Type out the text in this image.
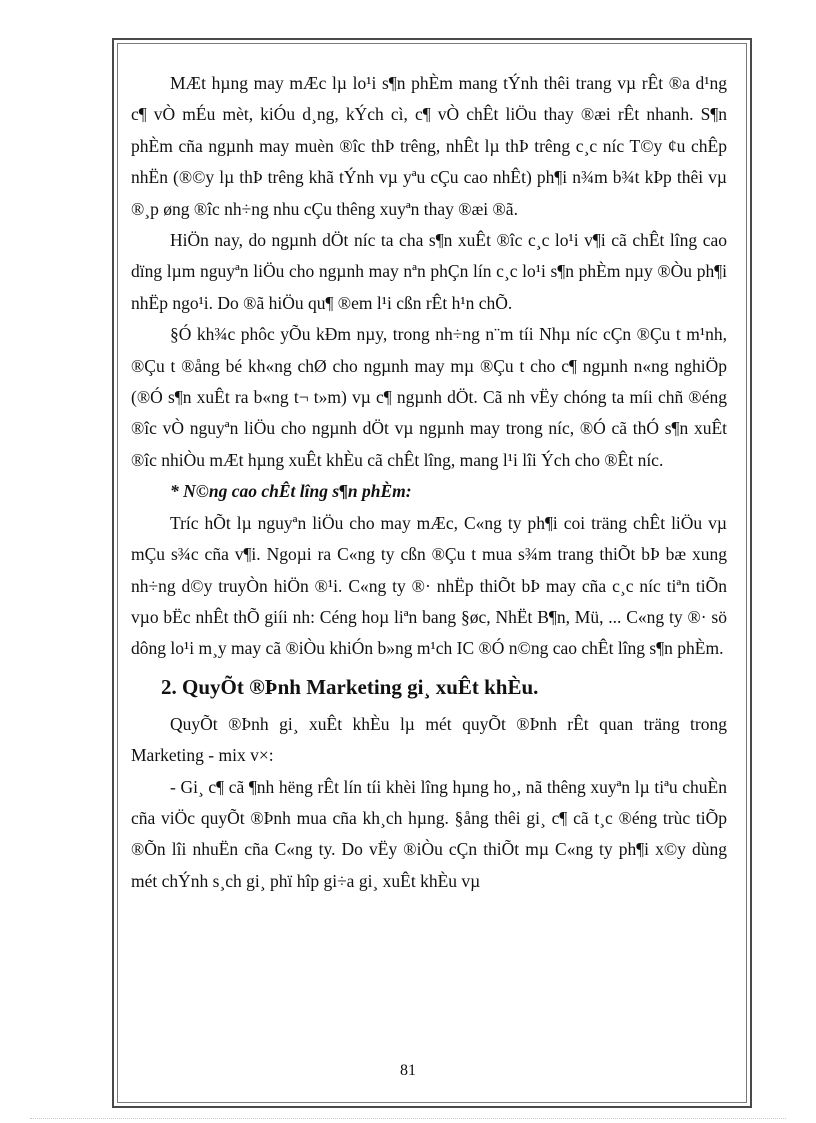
MÆt hµng may mÆc lµ lo¹i s¶n phÈm mang tÝnh thêi trang vµ rÊt ®a d¹ng c¶ vÒ mÉu mèt, kiÓu d¸ng, kÝch cì, c¶ vÒ chÊt liÖu thay ®æi rÊt nhanh. S¶n phÈm cña ngµnh may muèn ®îc thÞ trêng, nhÊt lµ thÞ trêng c¸c níc T©y ¢u chÊp nhËn (®©y lµ thÞ trêng khã tÝnh vµ yªu cÇu cao nhÊt) ph¶i n¾m b¾t kÞp thêi vµ ®¸p øng ®îc nh÷ng nhu cÇu thêng xuyªn thay ®æi ®ã.

HiÖn nay, do ngµnh dÖt níc ta cha s¶n xuÊt ®îc c¸c lo¹i v¶i cã chÊt lîng cao dïng lµm nguyªn liÖu cho ngµnh may nªn phÇn lín c¸c lo¹i s¶n phÈm nµy ®Òu ph¶i nhËp ngo¹i. Do ®ã hiÖu qu¶ ®em l¹i cßn rÊt h¹n chÕ.

§Ó kh¾c phôc yÕu kÐm nµy, trong nh÷ng n¨m tíi Nhµ níc cÇn ®Çu t m¹nh, ®Çu t ®ång bé kh«ng chØ cho ngµnh may mµ ®Çu t cho c¶ ngµnh n«ng nghiÖp (®Ó s¶n xuÊt ra b«ng t¬ t»m) vµ c¶ ngµnh dÖt. Cã nh vËy chóng ta míi chñ ®éng ®îc vÒ nguyªn liÖu cho ngµnh dÖt vµ ngµnh may trong níc, ®Ó cã thÓ s¶n xuÊt ®îc nhiÒu mÆt hµng xuÊt khÈu cã chÊt lîng, mang l¹i lîi Ých cho ®Êt níc.

* N©ng cao chÊt lîng s¶n phÈm:

Tríc hÕt lµ nguyªn liÖu cho may mÆc, C«ng ty ph¶i coi träng chÊt liÖu vµ mÇu s¾c cña v¶i. Ngoµi ra C«ng ty cßn ®Çu t mua s¾m trang thiÕt bÞ bæ xung nh÷ng d©y truyÒn hiÖn ®¹i. C«ng ty ®· nhËp thiÕt bÞ may cña c¸c níc tiªn tiÕn vµo bËc nhÊt thÕ giíi nh: Céng hoµ liªn bang §øc, NhËt B¶n, Mü, ... C«ng ty ®· sö dông lo¹i m¸y may cã ®iÒu khiÓn b»ng m¹ch IC ®Ó n©ng cao chÊt lîng s¶n phÈm.

2. QuyÕt ®Þnh Marketing gi¸ xuÊt khÈu.

QuyÕt ®Þnh gi¸ xuÊt khÈu lµ mét quyÕt ®Þnh rÊt quan träng trong Marketing - mix v×:

- Gi¸ c¶ cã ¶nh hëng rÊt lín tíi khèi lîng hµng ho¸, nã thêng xuyªn lµ tiªu chuÈn cña viÖc quyÕt ®Þnh mua cña kh¸ch hµng. §ång thêi gi¸ c¶ cã t¸c ®éng trùc tiÕp ®Õn lîi nhuËn cña C«ng ty. Do vËy ®iÒu cÇn thiÕt mµ C«ng ty ph¶i x©y dùng mét chÝnh s¸ch gi¸ phï hîp gi÷a gi¸ xuÊt khÈu vµ

81
